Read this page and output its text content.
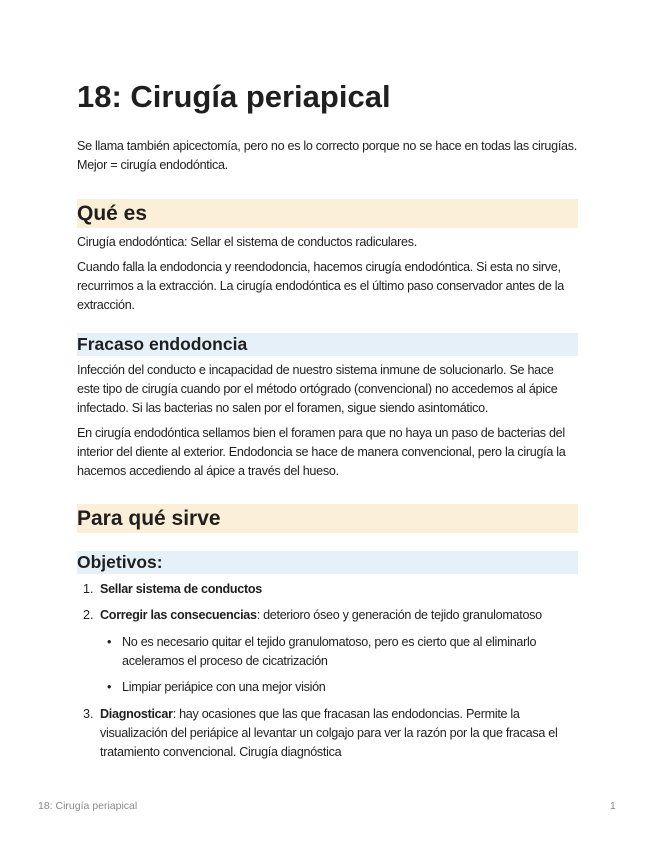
18: Cirugía periapical

Se llama también apicectomía, pero no es lo correcto porque no se hace en todas las cirugías. Mejor = cirugía endodóntica.

Qué es

Cirugía endodóntica: Sellar el sistema de conductos radiculares.

Cuando falla la endodoncia y reendodoncia, hacemos cirugía endodóntica. Si esta no sirve, recurrimos a la extracción. La cirugía endodóntica es el último paso conservador antes de la extracción.

Fracaso endodoncia

Infección del conducto e incapacidad de nuestro sistema inmune de solucionarlo. Se hace este tipo de cirugía cuando por el método ortógrado (convencional) no accedemos al ápice infectado. Si las bacterias no salen por el foramen, sigue siendo asintomático.

En cirugía endodóntica sellamos bien el foramen para que no haya un paso de bacterias del interior del diente al exterior. Endodoncia se hace de manera convencional, pero la cirugía la hacemos accediendo al ápice a través del hueso.

Para qué sirve
Objetivos:
1. Sellar sistema de conductos

2. Corregir las consecuencias: deterioro óseo y generación de tejido granulomatoso

• No es necesario quitar el tejido granulomatoso, pero es cierto que al eliminarlo aceleramos el proceso de cicatrización

• Limpiar periápice con una mejor visión

3. Diagnosticar: hay ocasiones que las que fracasan las endodoncias. Permite la visualización del periápice al levantar un colgajo para ver la razón por la que fracasa el tratamiento convencional. Cirugía diagnóstica

18: Cirugía periapical	1
